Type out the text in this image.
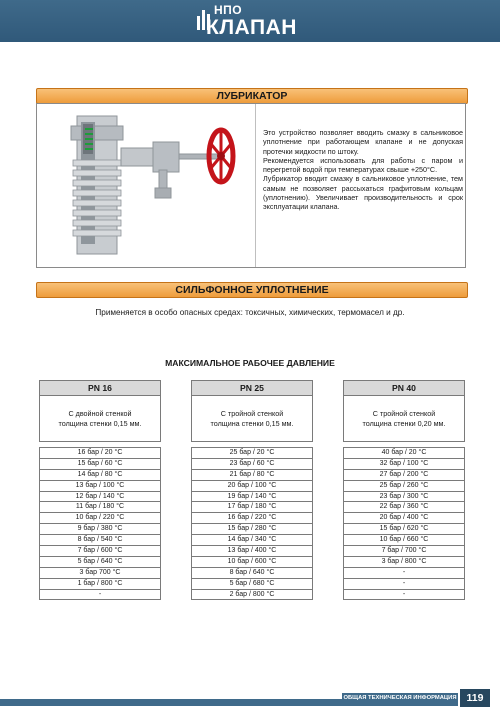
НПО
КЛАПАН
ЛУБРИКАТОР

Это устройство позволяет вводить смазку в сальниковое уплотнение при работающем клапане и не допуская протечки жидкости по штоку.

Рекомендуется использовать для работы с паром и перегретой водой при температурах свыше +250°С.

Лубрикатор вводит смазку в сальниковое уплотнение, тем самым не позволяет рассыхаться графитовым кольцам (уплотнению). Увеличивает производительность и срок эксплуатации клапана.

СИЛЬФОННОЕ УПЛОТНЕНИЕ
Применяется в особо опасных средах: токсичных, химических, термомасел и др.
МАКСИМАЛЬНОЕ РАБОЧЕЕ ДАВЛЕНИЕ
PN 16
С двойной стенкой
толщина стенки 0,15 мм.
16 бар / 20 °С
15 бар / 60 °С
14 бар / 80 °С
13 бар / 100 °С
12 бар / 140 °С
11 бар / 180 °С
10 бар / 220 °С
9 бар / 380 °С
8 бар / 540 °С
7 бар / 600 °С
5 бар / 640 °С
3 бар 700 °С
1 бар / 800 °С
-
PN 25
С тройной стенкой
толщина стенки 0,15 мм.
25 бар / 20 °С
23 бар / 60 °С
21 бар / 80 °С
20 бар / 100 °С
19 бар / 140 °С
17 бар / 180 °С
16 бар / 220 °С
15 бар / 280 °С
14 бар / 340 °С
13 бар / 400 °С
10 бар / 600 °С
8 бар / 640 °С
5 бар / 680 °С
2 бар / 800 °С
PN 40
С тройной стенкой
толщина стенки 0,20 мм.
40 бар / 20 °С
32 бар / 100 °С
27 бар / 200 °С
25 бар / 260 °С
23 бар / 300 °С
22 бар / 360 °С
20 бар / 400 °С
15 бар / 620 °С
10 бар / 660 °С
7 бар / 700 °С
3 бар / 800 °С
-
-
-
ОБЩАЯ ТЕХНИЧЕСКАЯ ИНФОРМАЦИЯ 119
